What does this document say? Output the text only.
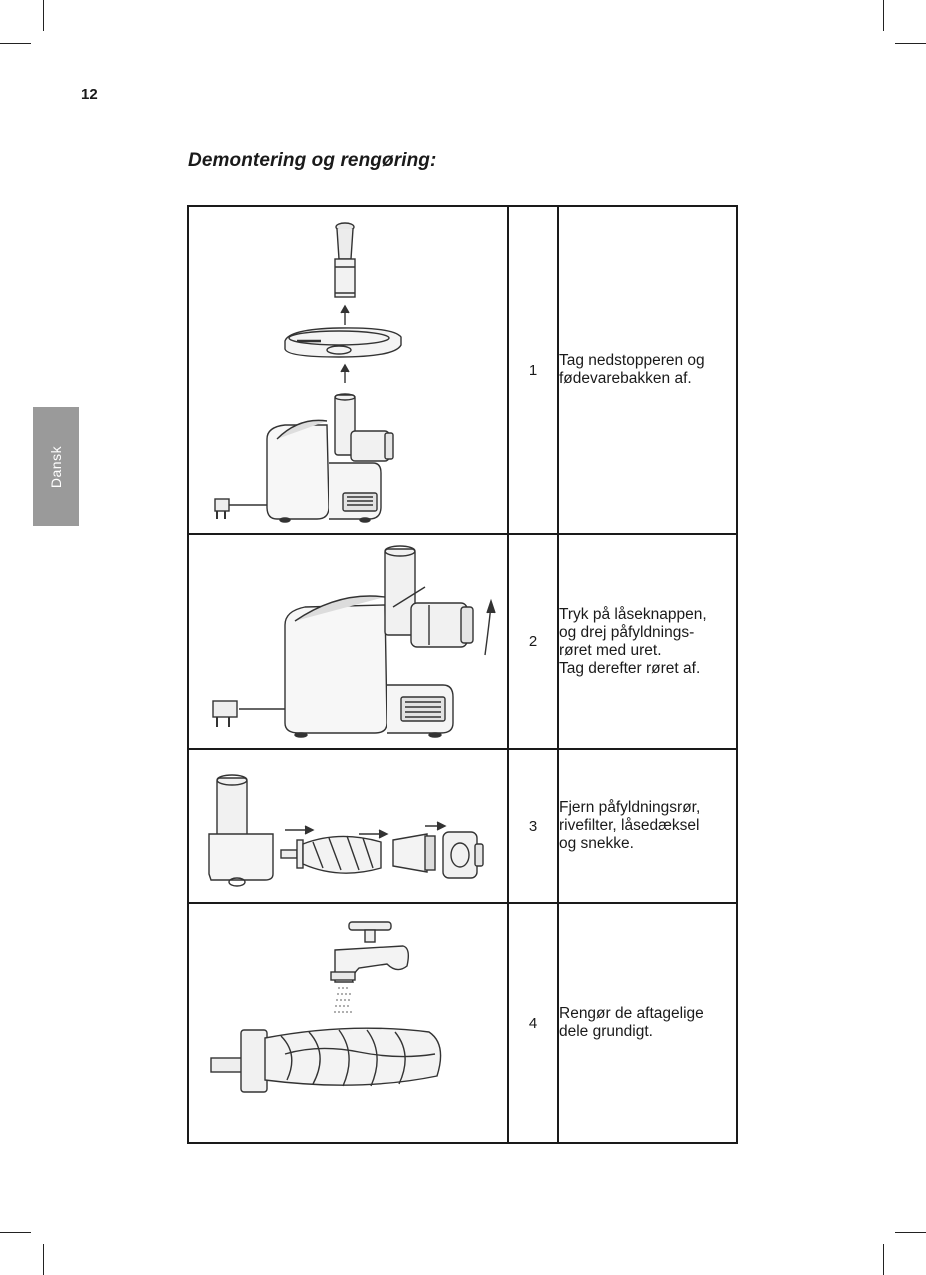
12
Demontering og rengøring:
Dansk
	1	Tag nedstopperen og
fødevarebakken af.

	2	Tryk på låseknappen,
og drej påfyldnings-
røret med uret.
Tag derefter røret af.

	3	Fjern påfyldningsrør,
rivefilter, låsedæksel
og snekke.

	4	Rengør de aftagelige
dele grundigt.
